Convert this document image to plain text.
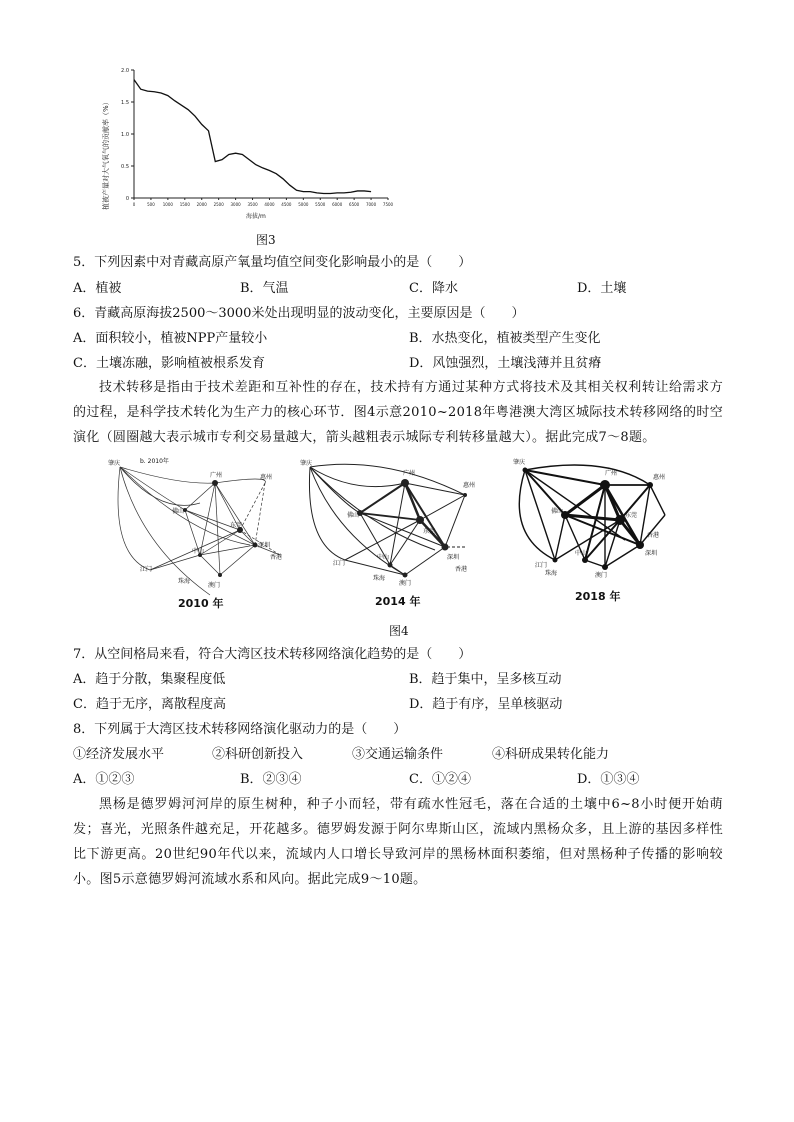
0
0.5
1.0
1.5
2.0
0	500 1000 1500 2000 2500 3000 3500 4000 4500 5000 5500 6000 6500 7000 7500
植被产量对大气氧气的贡献率（%）
海拔/m
图3
5．下列因素中对青藏高原产氧量均值空间变化影响最小的是（　　）
A．植被	B．气温	C．降水	D．土壤
6．青藏高原海拔2500～3000米处出现明显的波动变化，主要原因是（　　）
A．面积较小，植被NPP产量较小	B．水热变化，植被类型产生变化
C．土壤冻融，影响植被根系发育	D．风蚀强烈，土壤浅薄并且贫瘠
技术转移是指由于技术差距和互补性的存在，技术持有方通过某种方式将技术及其相关权利转让给需求方的过程，是科学技术转化为生产力的核心环节．图4示意2010~2018年粤港澳大湾区城际技术转移网络的时空演化（圆圈越大表示城市专利交易量越大，箭头越粗表示城际专利转移量越大）。据此完成7～8题。
肇庆	b. 2010年
广州	惠州
佛山
东莞
深圳
中山
江门
珠海
澳门
香港
2010 年
肇庆
广州
惠州
佛山
东莞
深圳
中山
江门
珠海
澳门
香港
2014 年
肇庆
广州
惠州
佛山
东莞
深圳
中山
江门
珠海	澳门
香港
2018 年
图4
7．从空间格局来看，符合大湾区技术转移网络演化趋势的是（　　）
A．趋于分散，集聚程度低	B．趋于集中，呈多核互动
C．趋于无序，离散程度高	D．趋于有序，呈单核驱动
8．下列属于大湾区技术转移网络演化驱动力的是（　　）
①经济发展水平	②科研创新投入	③交通运输条件	④科研成果转化能力
A．①②③	B．②③④	C．①②④	D．①③④
黑杨是德罗姆河河岸的原生树种，种子小而轻，带有疏水性冠毛，落在合适的土壤中6~8小时便开始萌发；喜光，光照条件越充足，开花越多。德罗姆发源于阿尔卑斯山区，流域内黑杨众多，且上游的基因多样性比下游更高。20世纪90年代以来，流域内人口增长导致河岸的黑杨林面积萎缩，但对黑杨种子传播的影响较小。图5示意德罗姆河流域水系和风向。据此完成9～10题。
